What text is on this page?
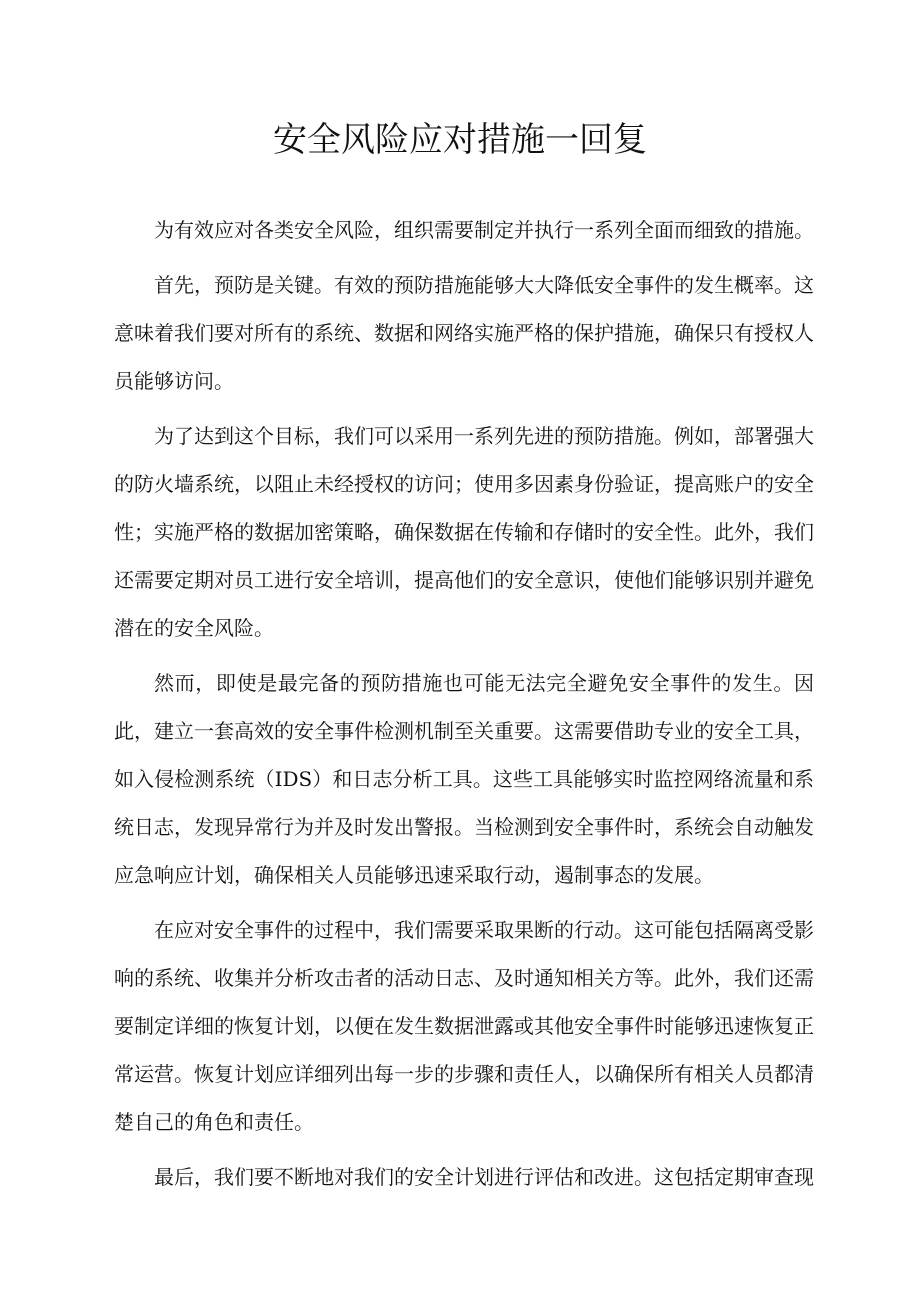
安全风险应对措施一回复

为有效应对各类安全风险，组织需要制定并执行一系列全面而细致的措施。

首先，预防是关键。有效的预防措施能够大大降低安全事件的发生概率。这意味着我们要对所有的系统、数据和网络实施严格的保护措施，确保只有授权人员能够访问。

为了达到这个目标，我们可以采用一系列先进的预防措施。例如，部署强大的防火墙系统，以阻止未经授权的访问；使用多因素身份验证，提高账户的安全性；实施严格的数据加密策略，确保数据在传输和存储时的安全性。此外，我们还需要定期对员工进行安全培训，提高他们的安全意识，使他们能够识别并避免潜在的安全风险。

然而，即使是最完备的预防措施也可能无法完全避免安全事件的发生。因此，建立一套高效的安全事件检测机制至关重要。这需要借助专业的安全工具，如入侵检测系统（IDS）和日志分析工具。这些工具能够实时监控网络流量和系统日志，发现异常行为并及时发出警报。当检测到安全事件时，系统会自动触发应急响应计划，确保相关人员能够迅速采取行动，遏制事态的发展。

在应对安全事件的过程中，我们需要采取果断的行动。这可能包括隔离受影响的系统、收集并分析攻击者的活动日志、及时通知相关方等。此外，我们还需要制定详细的恢复计划，以便在发生数据泄露或其他安全事件时能够迅速恢复正常运营。恢复计划应详细列出每一步的步骤和责任人，以确保所有相关人员都清楚自己的角色和责任。

最后，我们要不断地对我们的安全计划进行评估和改进。这包括定期审查现
